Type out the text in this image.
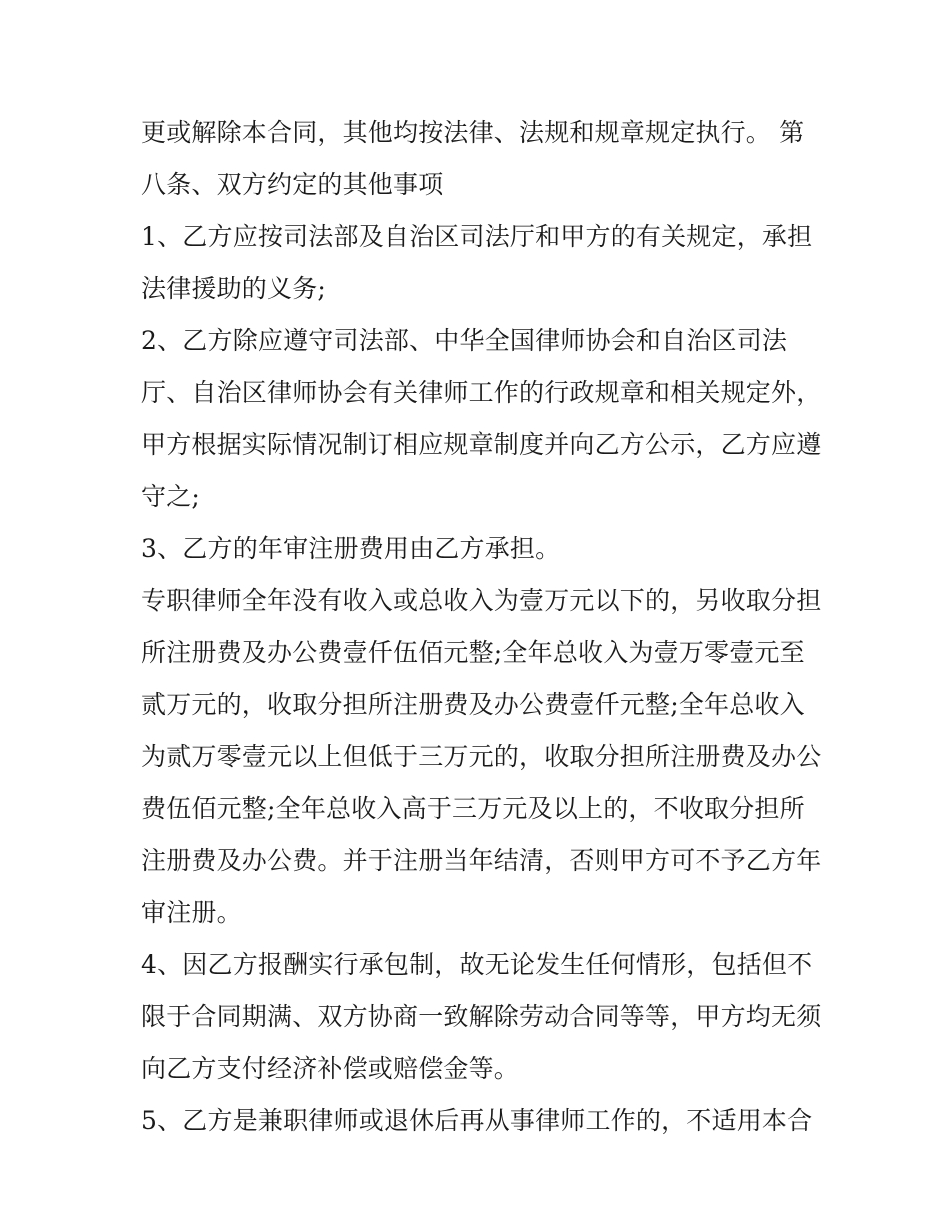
更或解除本合同，其他均按法律、法规和规章规定执行。 第
八条、双方约定的其他事项
1、乙方应按司法部及自治区司法厅和甲方的有关规定，承担
法律援助的义务;
2、乙方除应遵守司法部、中华全国律师协会和自治区司法
厅、自治区律师协会有关律师工作的行政规章和相关规定外，
甲方根据实际情况制订相应规章制度并向乙方公示，乙方应遵
守之;
3、乙方的年审注册费用由乙方承担。
专职律师全年没有收入或总收入为壹万元以下的，另收取分担
所注册费及办公费壹仟伍佰元整;全年总收入为壹万零壹元至
贰万元的，收取分担所注册费及办公费壹仟元整;全年总收入
为贰万零壹元以上但低于三万元的，收取分担所注册费及办公
费伍佰元整;全年总收入高于三万元及以上的，不收取分担所
注册费及办公费。并于注册当年结清，否则甲方可不予乙方年
审注册。
4、因乙方报酬实行承包制，故无论发生任何情形，包括但不
限于合同期满、双方协商一致解除劳动合同等等，甲方均无须
向乙方支付经济补偿或赔偿金等。
5、乙方是兼职律师或退休后再从事律师工作的，不适用本合
